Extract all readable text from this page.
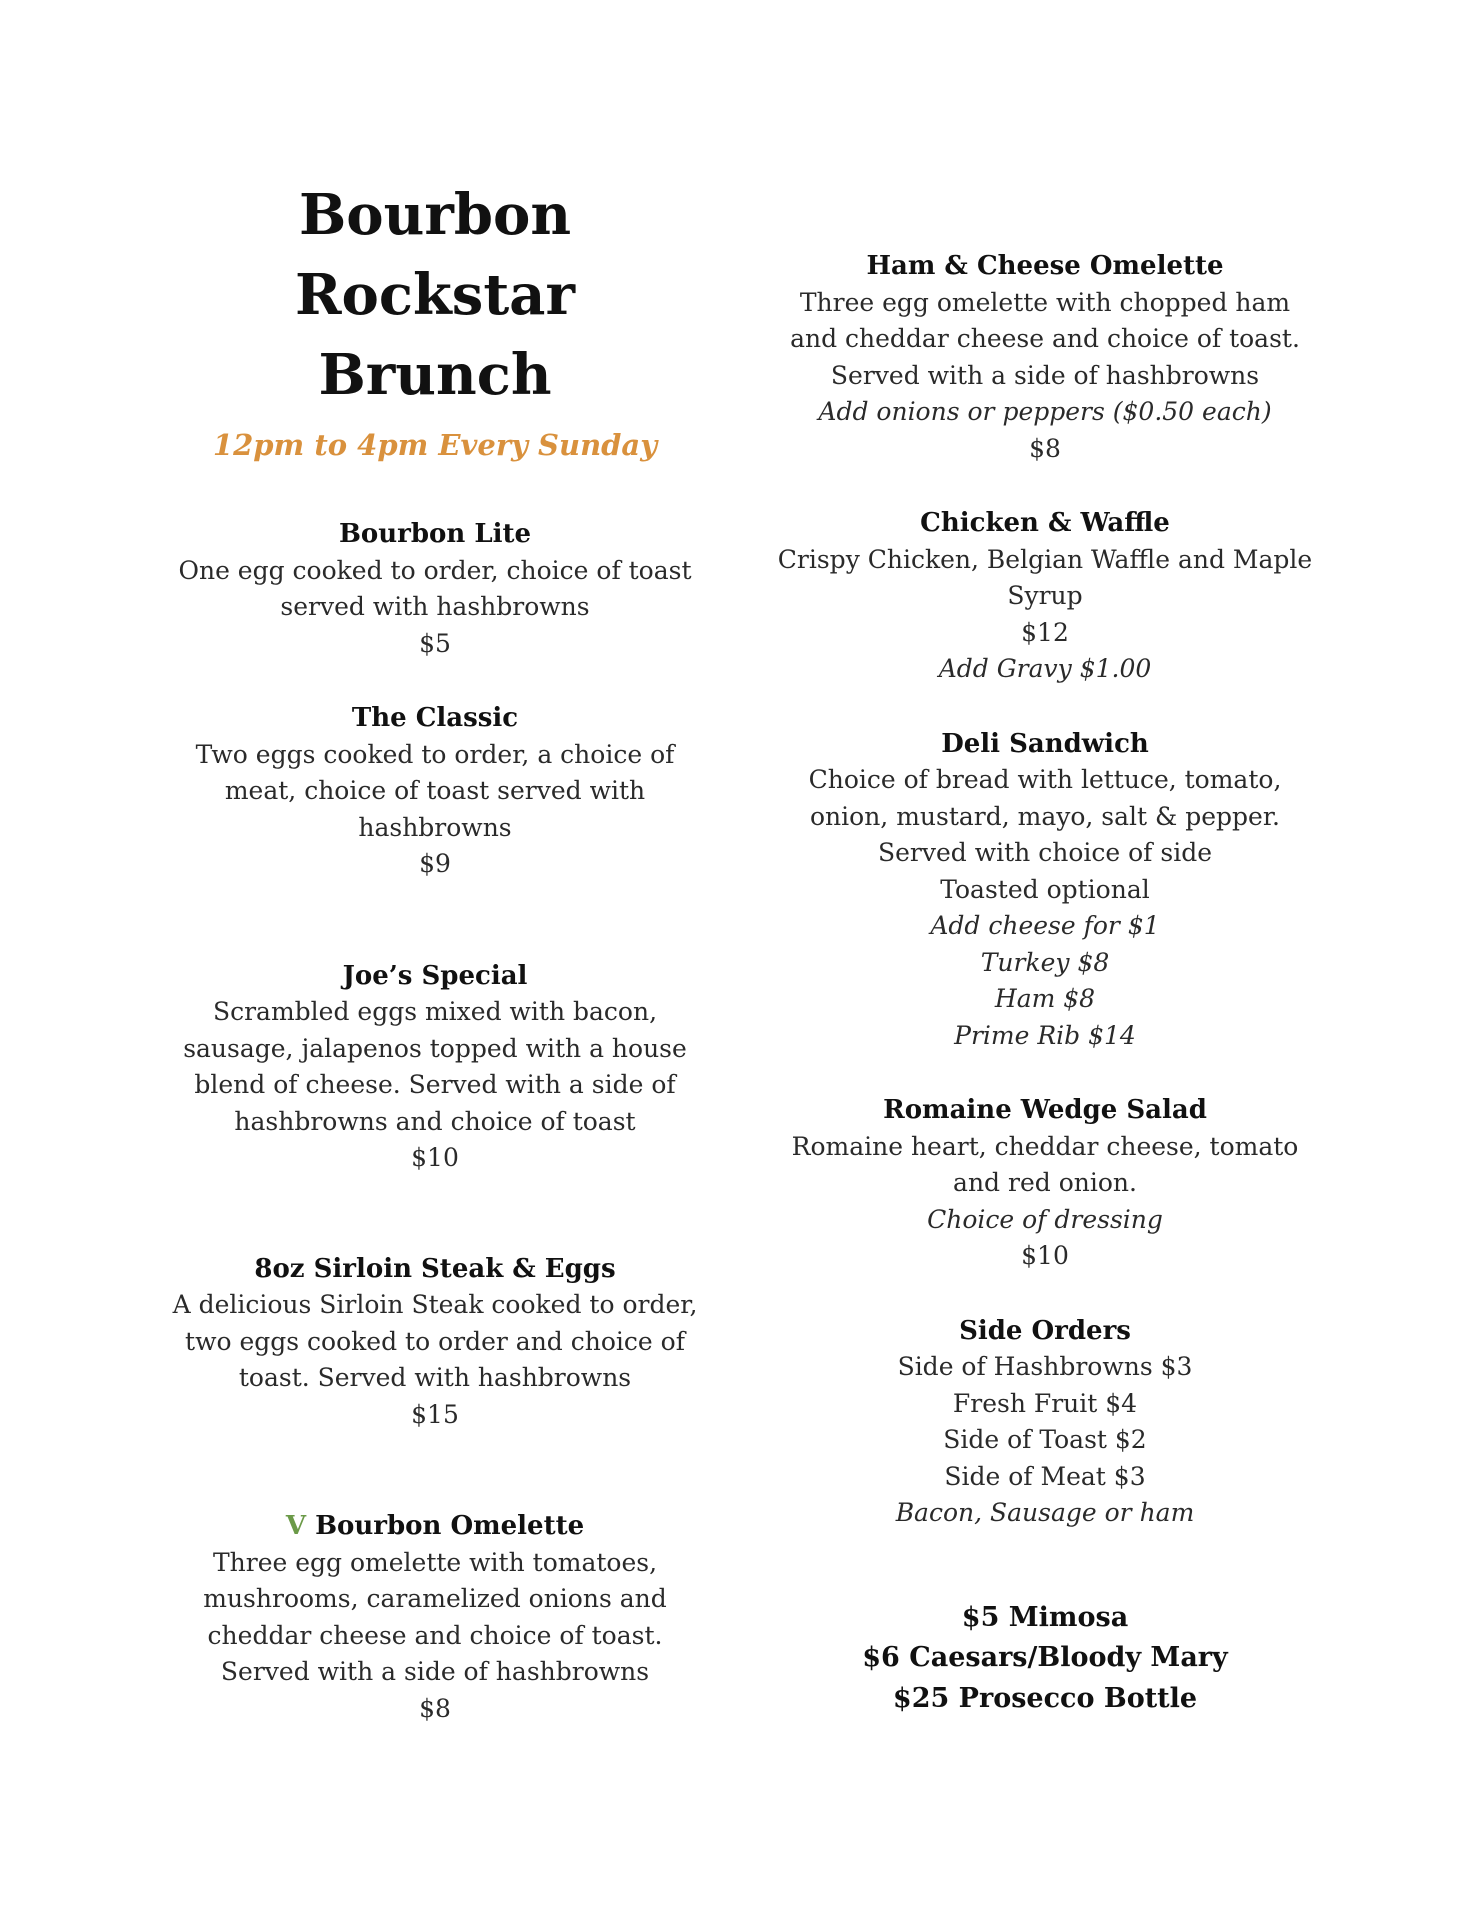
Bourbon Rockstar
Brunch
12pm to 4pm Every Sunday
Bourbon Lite
One egg cooked to order, choice of toast
served with hashbrowns
$5
The Classic
Two eggs cooked to order, a choice of
meat, choice of toast served with
hashbrowns
$9
Joe’s Special
Scrambled eggs mixed with bacon,
sausage, jalapenos topped with a house
blend of cheese. Served with a side of
hashbrowns and choice of toast
$10
8oz Sirloin Steak & Eggs
A delicious Sirloin Steak cooked to order,
two eggs cooked to order and choice of
toast. Served with hashbrowns
$15
V Bourbon Omelette
Three egg omelette with tomatoes,
mushrooms, caramelized onions and
cheddar cheese and choice of toast.
Served with a side of hashbrowns
$8
Ham & Cheese Omelette
Three egg omelette with chopped ham
and cheddar cheese and choice of toast.
Served with a side of hashbrowns
Add onions or peppers ($0.50 each)
$8
Chicken & Waffle
Crispy Chicken, Belgian Waffle and Maple
Syrup
$12
Add Gravy $1.00
Deli Sandwich
Choice of bread with lettuce, tomato,
onion, mustard, mayo, salt & pepper.
Served with choice of side
Toasted optional
Add cheese for $1
Turkey $8
Ham $8
Prime Rib $14
Romaine Wedge Salad
Romaine heart, cheddar cheese, tomato
and red onion.
Choice of dressing
$10
Side Orders
Side of Hashbrowns $3
Fresh Fruit $4
Side of Toast $2
Side of Meat $3
Bacon, Sausage or ham
$5 Mimosa
$6 Caesars/Bloody Mary
$25 Prosecco Bottle
